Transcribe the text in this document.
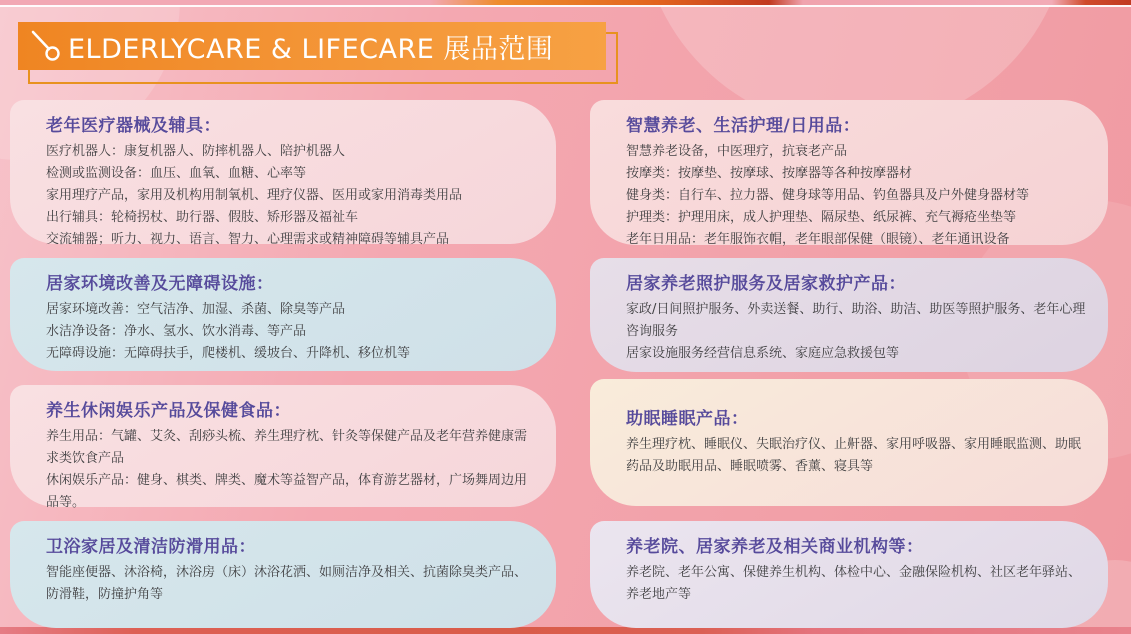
ELDERLYCARE & LIFECARE 展品范围
老年医疗器械及辅具：

医疗机器人：康复机器人、防摔机器人、陪护机器人

检测或监测设备：血压、血氧、血糖、心率等

家用理疗产品，家用及机构用制氧机、理疗仪器、医用或家用消毒类用品

出行辅具：轮椅拐杖、助行器、假肢、矫形器及福祉车

交流辅器；听力、视力、语言、智力、心理需求或精神障碍等辅具产品

智慧养老、生活护理/日用品：

智慧养老设备，中医理疗，抗衰老产品

按摩类：按摩垫、按摩球、按摩器等各种按摩器材

健身类：自行车、拉力器、健身球等用品、钓鱼器具及户外健身器材等

护理类：护理用床，成人护理垫、隔尿垫、纸尿裤、充气褥疮坐垫等

老年日用品：老年服饰衣帽，老年眼部保健（眼镜）、老年通讯设备

居家环境改善及无障碍设施：

居家环境改善：空气洁净、加湿、杀菌、除臭等产品

水洁净设备：净水、氢水、饮水消毒、等产品

无障碍设施：无障碍扶手，爬楼机、缓坡台、升降机、移位机等

居家养老照护服务及居家救护产品：

家政/日间照护服务、外卖送餐、助行、助浴、助洁、助医等照护服务、老年心理咨询服务

居家设施服务经营信息系统、家庭应急救援包等

养生休闲娱乐产品及保健食品：

养生用品：气罐、艾灸、刮痧头梳、养生理疗枕、针灸等保健产品及老年营养健康需求类饮食产品

休闲娱乐产品：健身、棋类、牌类、魔术等益智产品，体育游艺器材，广场舞周边用品等。

助眠睡眠产品：

养生理疗枕、睡眠仪、失眠治疗仪、止鼾器、家用呼吸器、家用睡眠监测、助眠药品及助眠用品、睡眠喷雾、香薰、寝具等

卫浴家居及清洁防滑用品：

智能座便器、沐浴椅，沐浴房（床）沐浴花洒、如厕洁净及相关、抗菌除臭类产品、防滑鞋，防撞护角等

养老院、居家养老及相关商业机构等：

养老院、老年公寓、保健养生机构、体检中心、金融保险机构、社区老年驿站、养老地产等
